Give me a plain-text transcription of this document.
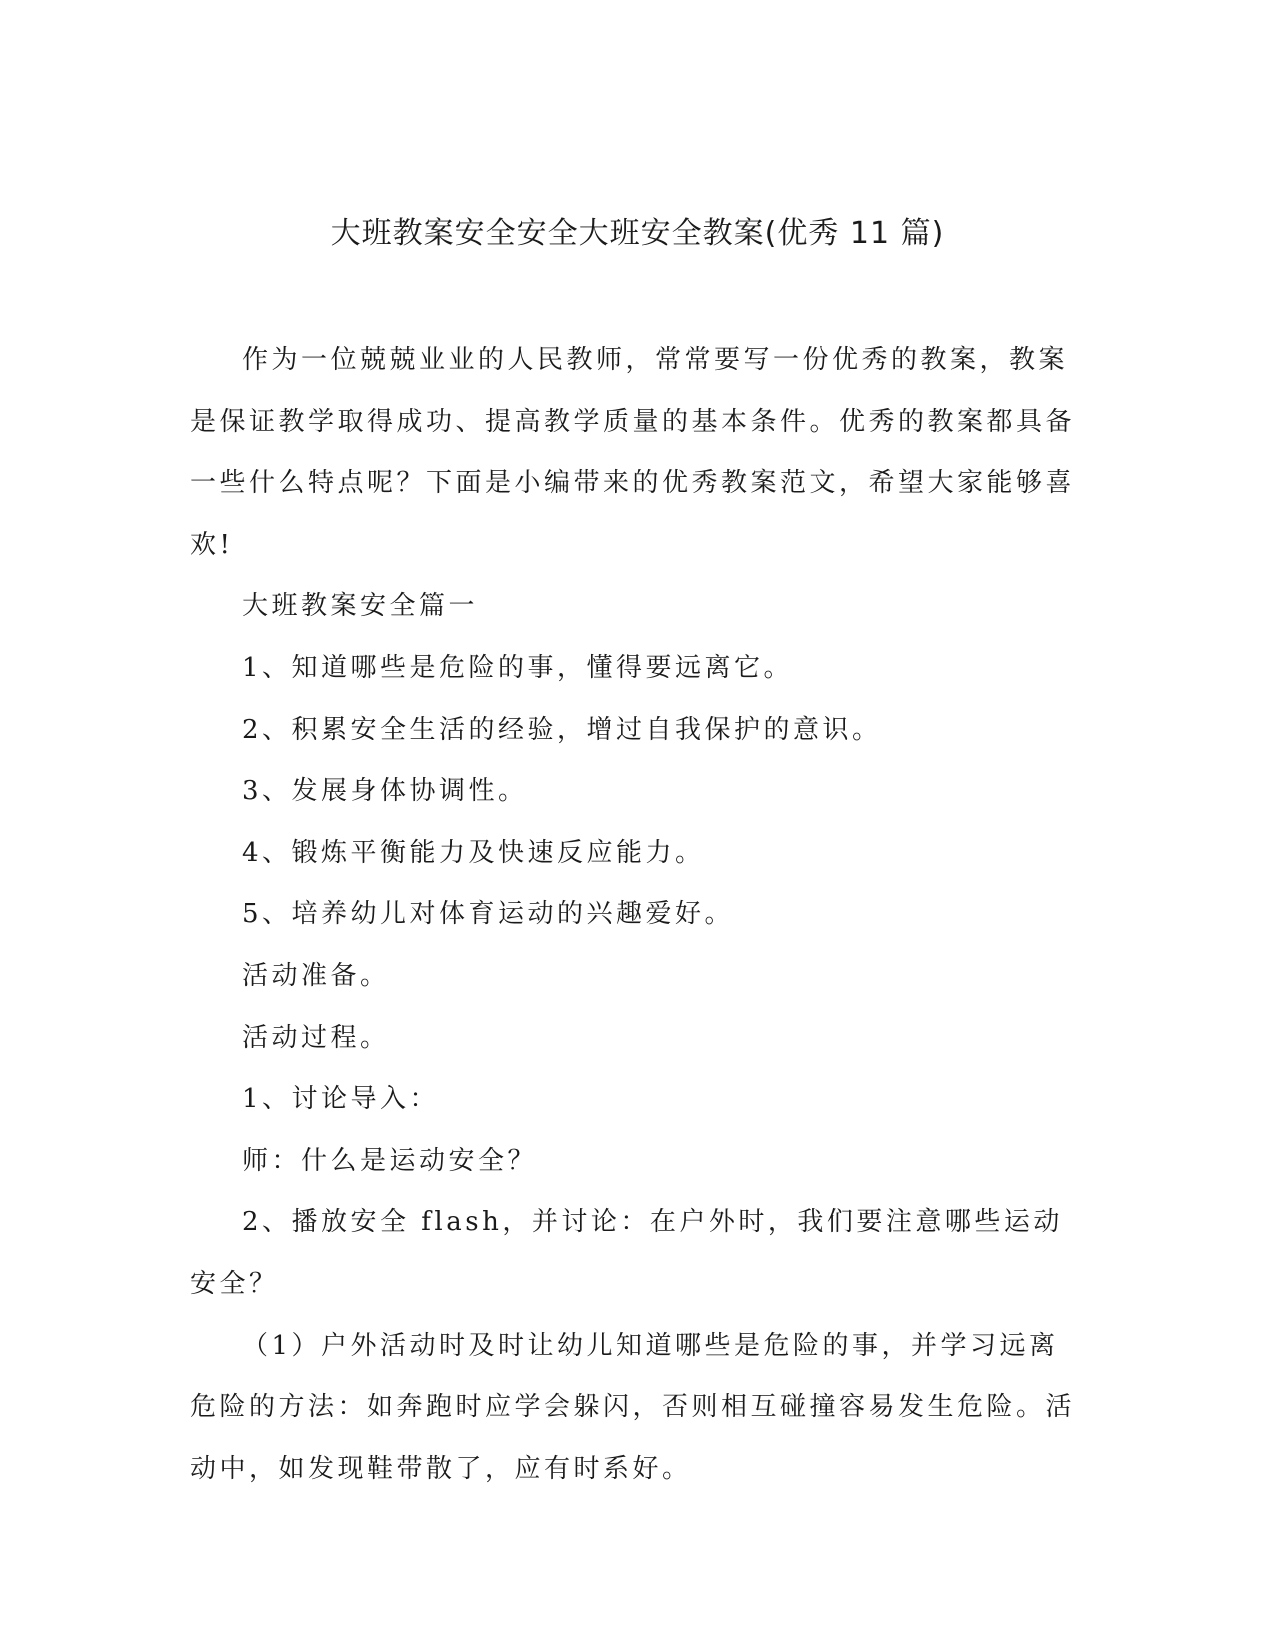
大班教案安全安全大班安全教案(优秀 11 篇)

作为一位兢兢业业的人民教师，常常要写一份优秀的教案，教案是保证教学取得成功、提高教学质量的基本条件。优秀的教案都具备一些什么特点呢？下面是小编带来的优秀教案范文，希望大家能够喜欢!

大班教案安全篇一

1、知道哪些是危险的事，懂得要远离它。

2、积累安全生活的经验，增过自我保护的意识。

3、发展身体协调性。

4、锻炼平衡能力及快速反应能力。

5、培养幼儿对体育运动的兴趣爱好。

活动准备。

活动过程。

1、讨论导入：

师：什么是运动安全？

2、播放安全 flash，并讨论：在户外时，我们要注意哪些运动安全？

（1）户外活动时及时让幼儿知道哪些是危险的事，并学习远离危险的方法：如奔跑时应学会躲闪，否则相互碰撞容易发生危险。活动中，如发现鞋带散了，应有时系好。
